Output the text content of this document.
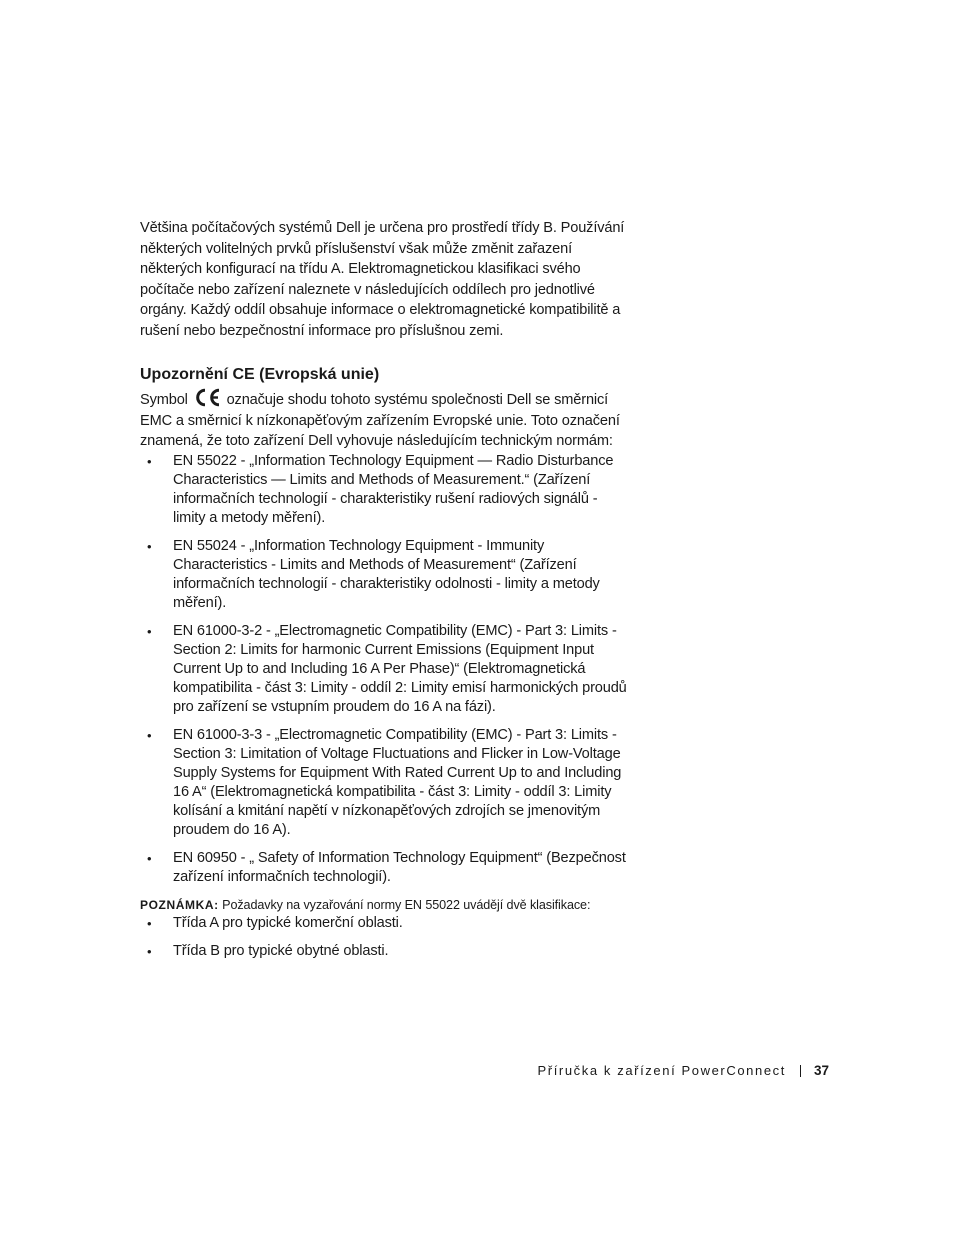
Většina počítačových systémů Dell je určena pro prostředí třídy B. Používání některých volitelných prvků příslušenství však může změnit zařazení některých konfigurací na třídu A. Elektromagnetickou klasifikaci svého počítače nebo zařízení naleznete v následujících oddílech pro jednotlivé orgány. Každý oddíl obsahuje informace o elektromagnetické kompatibilitě a rušení nebo bezpečnostní informace pro příslušnou zemi.

Upozornění CE (Evropská unie)

Symbol	označuje shodu tohoto systému společnosti Dell se směrnicí EMC a směrnicí k nízkonapěťovým zařízením Evropské unie. Toto označení znamená, že toto zařízení Dell vyhovuje následujícím technickým normám:

• EN 55022 - „Information Technology Equipment — Radio Disturbance Characteristics — Limits and Methods of Measurement.“ (Zařízení informačních technologií - charakteristiky rušení radiových signálů - limity a metody měření).
• EN 55024 - „Information Technology Equipment - Immunity Characteristics - Limits and Methods of Measurement“ (Zařízení informačních technologií - charakteristiky odolnosti - limity a metody měření).
• EN 61000-3-2 - „Electromagnetic Compatibility (EMC) - Part 3: Limits - Section 2: Limits for harmonic Current Emissions (Equipment Input Current Up to and Including 16 A Per Phase)“ (Elektromagnetická kompatibilita - část 3: Limity - oddíl 2: Limity emisí harmonických proudů pro zařízení se vstupním proudem do 16 A na fázi).
• EN 61000-3-3 - „Electromagnetic Compatibility (EMC) - Part 3: Limits - Section 3: Limitation of Voltage Fluctuations and Flicker in Low-Voltage Supply Systems for Equipment With Rated Current Up to and Including 16 A“ (Elektromagnetická kompatibilita - část 3: Limity - oddíl 3: Limity kolísání a kmitání napětí v nízkonapěťových zdrojích se jmenovitým proudem do 16 A).
• EN 60950 - „ Safety of Information Technology Equipment“ (Bezpečnost zařízení informačních technologií).

POZNÁMKA: Požadavky na vyzařování normy EN 55022 uvádějí dvě klasifikace:

• Třída A pro typické komerční oblasti.
• Třída B pro typické obytné oblasti.
Příručka k zařízení PowerConnect 37
